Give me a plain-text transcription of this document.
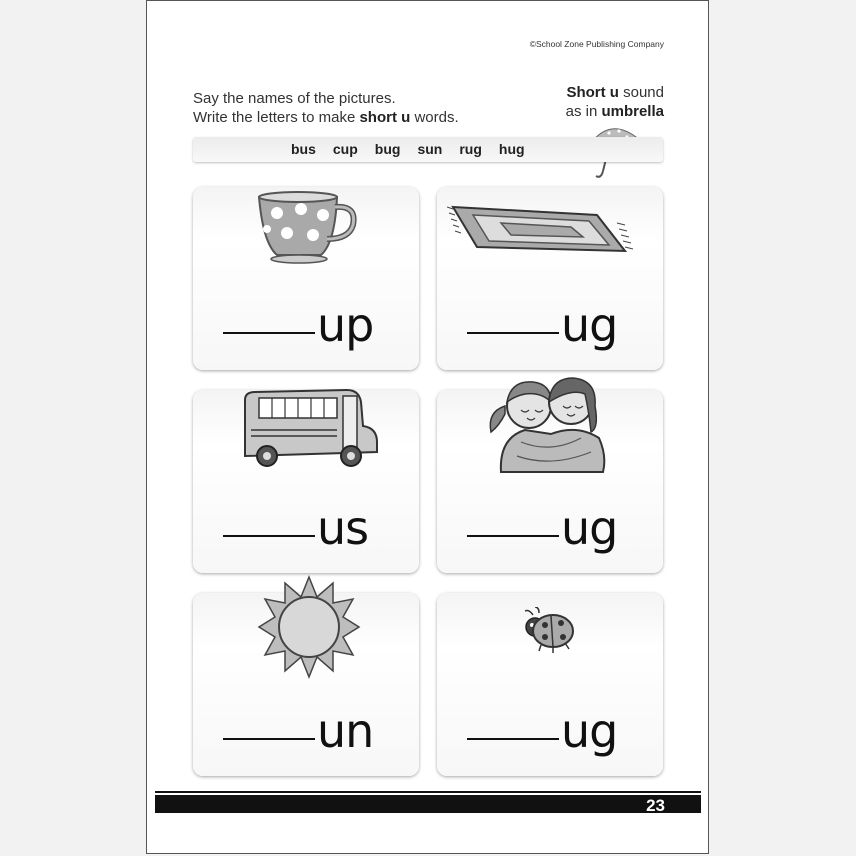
©School Zone Publishing Company
Say the names of the pictures.
Write the letters to make short u words.
Short u sound
as in umbrella
bus cup bug sun rug hug
up	ug
us	ug
un	ug
23
